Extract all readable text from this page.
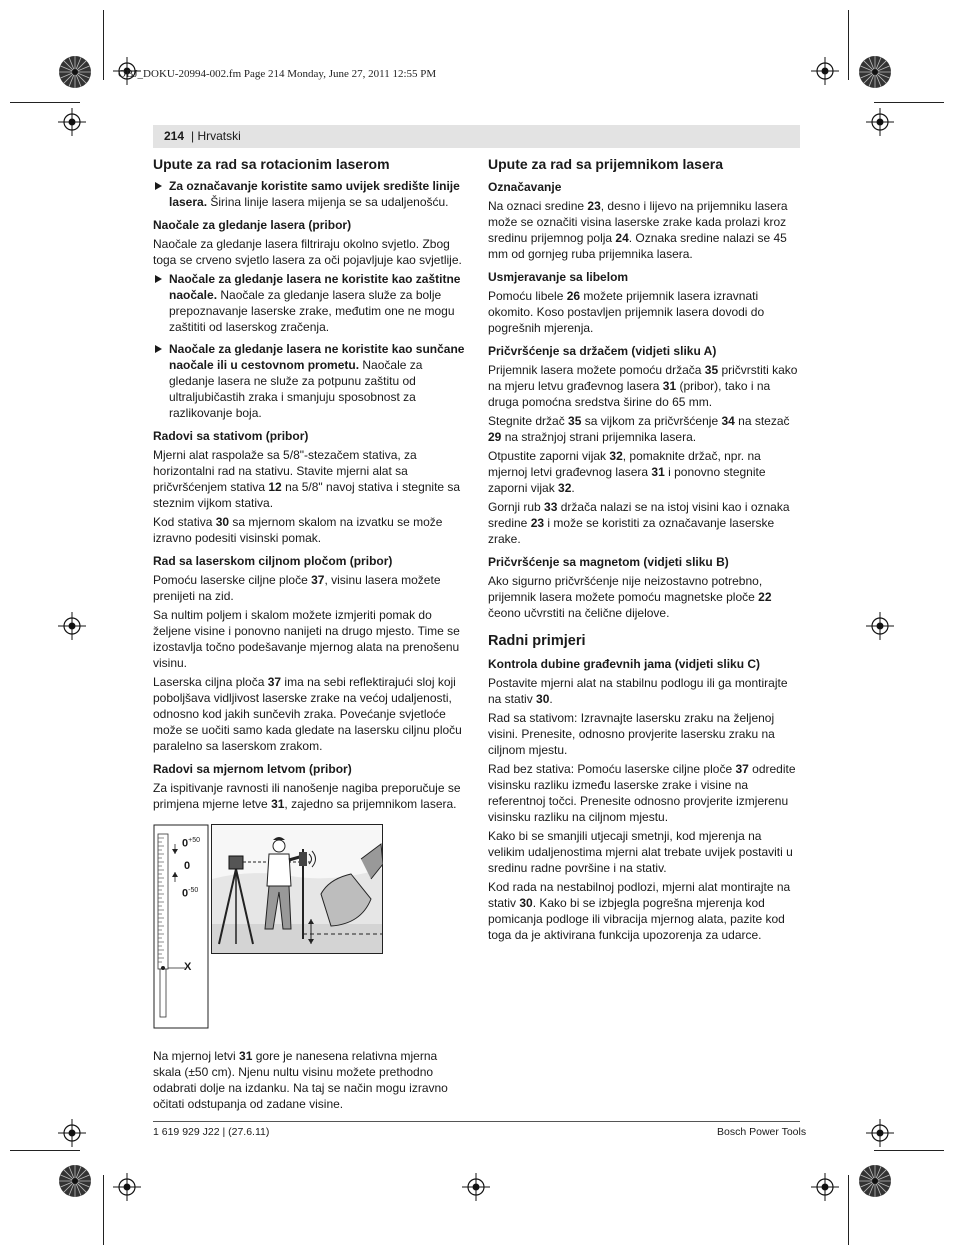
OBJ_DOKU-20994-002.fm Page 214 Monday, June 27, 2011 12:55 PM
214 | Hrvatski
Upute za rad sa rotacionim laserom

Za označavanje koristite samo uvijek središte linije lasera. Širina linije lasera mijenja se sa udaljenošću.

Naočale za gledanje lasera (pribor)

Naočale za gledanje lasera filtriraju okolno svjetlo. Zbog toga se crveno svjetlo lasera za oči pojavljuje kao svjetlije.

Naočale za gledanje lasera ne koristite kao zaštitne naočale. Naočale za gledanje lasera služe za bolje prepoznavanje laserske zrake, međutim one ne mogu zaštititi od laserskog zračenja.

Naočale za gledanje lasera ne koristite kao sunčane naočale ili u cestovnom prometu. Naočale za gledanje lasera ne služe za potpunu zaštitu od ultraljubičastih zraka i smanjuju sposobnost za razlikovanje boja.

Radovi sa stativom (pribor)

Mjerni alat raspolaže sa 5/8"-stezačem stativa, za horizontalni rad na stativu. Stavite mjerni alat sa pričvršćenjem stativa 12 na 5/8" navoj stativa i stegnite sa steznim vijkom stativa.

Kod stativa 30 sa mjernom skalom na izvatku se može izravno podesiti visinski pomak.

Rad sa laserskom ciljnom pločom (pribor)

Pomoću laserske ciljne ploče 37, visinu lasera možete prenijeti na zid.

Sa nultim poljem i skalom možete izmjeriti pomak do željene visine i ponovno nanijeti na drugo mjesto. Time se izostavlja točno podešavanje mjernog alata na prenošenu visinu.

Laserska ciljna ploča 37 ima na sebi reflektirajući sloj koji poboljšava vidljivost laserske zrake na većoj udaljenosti, odnosno kod jakih sunčevih zraka. Povećanje svjetloće može se uočiti samo kada gledate na lasersku ciljnu ploču paralelno sa laserskom zrakom.

Radovi sa mjernom letvom (pribor)

Za ispitivanje ravnosti ili nanošenje nagiba preporučuje se primjena mjerne letve 31, zajedno sa prijemnikom lasera.

$0^{+50}$
0
$0^{-50}$
X

Na mjernoj letvi 31 gore je nanesena relativna mjerna skala (±50 cm). Njenu nultu visinu možete prethodno odabrati dolje na izdanku. Na taj se način mogu izravno očitati odstupanja od zadane visine.

Upute za rad sa prijemnikom lasera
Označavanje

Na oznaci sredine 23, desno i lijevo na prijemniku lasera može se označiti visina laserske zrake kada prolazi kroz sredinu prijemnog polja 24. Oznaka sredine nalazi se 45 mm od gornjeg ruba prijemnika lasera.

Usmjeravanje sa libelom

Pomoću libele 26 možete prijemnik lasera izravnati okomito. Koso postavljen prijemnik lasera dovodi do pogrešnih mjerenja.

Pričvršćenje sa držačem (vidjeti sliku A)

Prijemnik lasera možete pomoću držača 35 pričvrstiti kako na mjeru letvu građevnog lasera 31 (pribor), tako i na druga pomoćna sredstva širine do 65 mm.

Stegnite držač 35 sa vijkom za pričvršćenje 34 na stezač 29 na stražnjoj strani prijemnika lasera.

Otpustite zaporni vijak 32, pomaknite držač, npr. na mjernoj letvi građevnog lasera 31 i ponovno stegnite zaporni vijak 32.

Gornji rub 33 držača nalazi se na istoj visini kao i oznaka sredine 23 i može se koristiti za označavanje laserske zrake.

Pričvršćenje sa magnetom (vidjeti sliku B)

Ako sigurno pričvršćenje nije neizostavno potrebno, prijemnik lasera možete pomoću magnetske ploče 22 čeono učvrstiti na čelične dijelove.

Radni primjeri
Kontrola dubine građevnih jama (vidjeti sliku C)

Postavite mjerni alat na stabilnu podlogu ili ga montirajte na stativ 30.

Rad sa stativom: Izravnajte lasersku zraku na željenoj visini. Prenesite, odnosno provjerite lasersku zraku na ciljnom mjestu.

Rad bez stativa: Pomoću laserske ciljne ploče 37 odredite visinsku razliku između laserske zrake i visine na referentnoj točci. Prenesite odnosno provjerite izmjerenu visinsku razliku na ciljnom mjestu.

Kako bi se smanjili utjecaji smetnji, kod mjerenja na velikim udaljenostima mjerni alat trebate uvijek postaviti u sredinu radne površine i na stativ.

Kod rada na nestabilnoj podlozi, mjerni alat montirajte na stativ 30. Kako bi se izbjegla pogrešna mjerenja kod pomicanja podloge ili vibracija mjernog alata, pazite kod toga da je aktivirana funkcija upozorenja za udarce.

1 619 929 J22 | (27.6.11)	Bosch Power Tools
